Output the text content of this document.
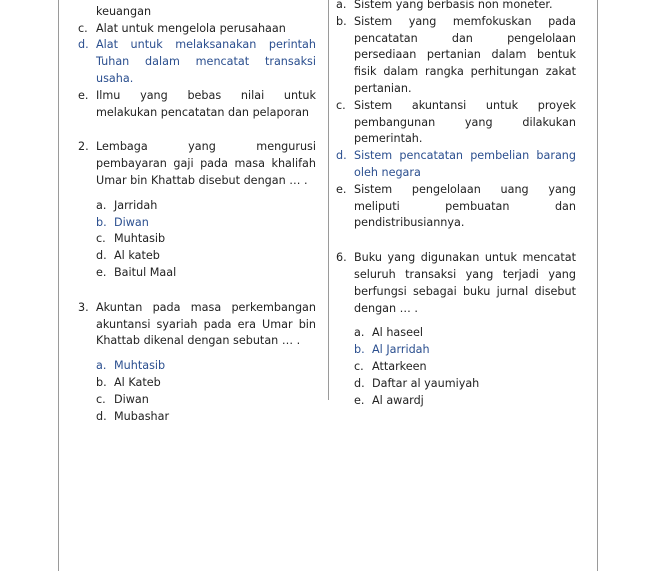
keuangan
c. Alat untuk mengelola perusahaan
d. Alat untuk melaksanakan perintah Tuhan dalam mencatat transaksi usaha.
e. Ilmu yang bebas nilai untuk melakukan pencatatan dan pelaporan
2. Lembaga yang mengurusi pembayaran gaji pada masa khalifah Umar bin Khattab disebut dengan … .
a. Jarridah
b. Diwan
c. Muhtasib
d. Al kateb
e. Baitul Maal
3. Akuntan pada masa perkembangan akuntansi syariah pada era Umar bin Khattab dikenal dengan sebutan … .
a. Muhtasib
b. Al Kateb
c. Diwan
d. Mubashar
a. Sistem yang berbasis non moneter.
b. Sistem yang memfokuskan pada pencatatan dan pengelolaan persediaan pertanian dalam bentuk fisik dalam rangka perhitungan zakat pertanian.
c. Sistem akuntansi untuk proyek pembangunan yang dilakukan pemerintah.
d. Sistem pencatatan pembelian barang oleh negara
e. Sistem pengelolaan uang yang meliputi pembuatan dan pendistribusiannya.
6. Buku yang digunakan untuk mencatat seluruh transaksi yang terjadi yang berfungsi sebagai buku jurnal disebut dengan … .
a. Al haseel
b. Al Jarridah
c. Attarkeen
d. Daftar al yaumiyah
e. Al awardj
